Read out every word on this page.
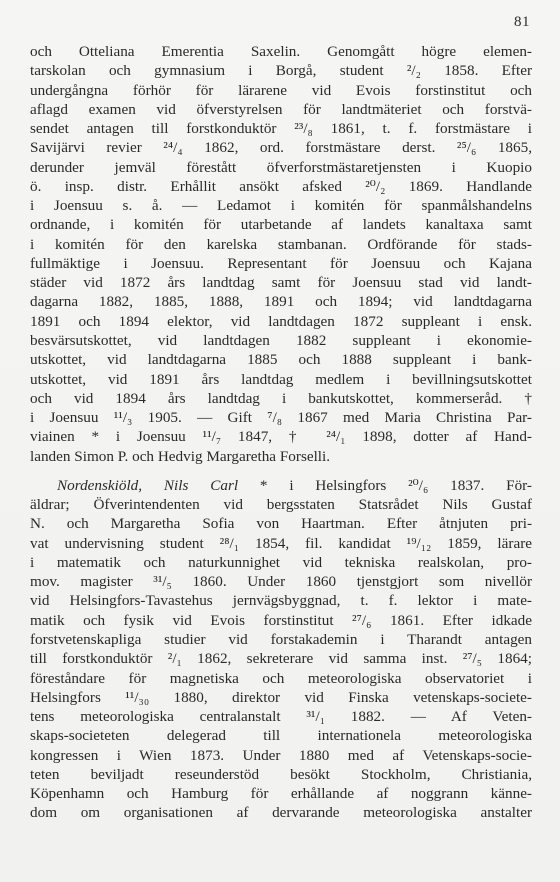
81
och Otteliana Emerentia Saxelin. Genomgått högre elemen-
tarskolan och gymnasium i Borgå, student ²/₂ 1858. Efter
undergångna förhör för lärarene vid Evois forstinstitut och
aflagd examen vid öfverstyrelsen för landtmäteriet och forstvä-
sendet antagen till forstkonduktör ²³/₈ 1861, t. f. forstmästare i
Savijärvi revier ²⁴/₄ 1862, ord. forstmästare derst. ²⁵/₆ 1865,
derunder jemväl förestått öfverforstmästaretjensten i Kuopio
ö. insp. distr. Erhållit ansökt afsked ²⁰/₂ 1869. Handlande
i Joensuu s. å. — Ledamot i komitén för spanmålshandelns
ordnande, i komitén för utarbetande af landets kanaltaxa samt
i komitén för den karelska stambanan. Ordförande för stads-
fullmäktige i Joensuu. Representant för Joensuu och Kajana
städer vid 1872 års landtdag samt för Joensuu stad vid landt-
dagarna 1882, 1885, 1888, 1891 och 1894; vid landtdagarna
1891 och 1894 elektor, vid landtdagen 1872 suppleant i ensk.
besvärsutskottet, vid landtdagen 1882 suppleant i ekonomie-
utskottet, vid landtdagarna 1885 och 1888 suppleant i bank-
utskottet, vid 1891 års landtdag medlem i bevillningsutskottet
och vid 1894 års landtdag i bankutskottet, kommerseråd. †
i Joensuu ¹¹/₃ 1905. — Gift ⁷/₈ 1867 med Maria Christina Par-
viainen * i Joensuu ¹¹/₇ 1847, † ²⁴/₁ 1898, dotter af Hand-
landen Simon P. och Hedvig Margaretha Forselli.
Nordenskiöld, Nils Carl * i Helsingfors ²⁰/₆ 1837. För-
äldrar; Öfverintendenten vid bergsstaten Statsrådet Nils Gustaf
N. och Margaretha Sofia von Haartman. Efter åtnjuten pri-
vat undervisning student ²⁸/₁ 1854, fil. kandidat ¹⁹/₁₂ 1859, lärare
i matematik och naturkunnighet vid tekniska realskolan, pro-
mov. magister ³¹/₅ 1860. Under 1860 tjenstgjort som nivellör
vid Helsingfors-Tavastehus jernvägsbyggnad, t. f. lektor i mate-
matik och fysik vid Evois forstinstitut ²⁷/₆ 1861. Efter idkade
forstvetenskapliga studier vid forstakademin i Tharandt antagen
till forstkonduktör ²/₁ 1862, sekreterare vid samma inst. ²⁷/₅ 1864;
föreståndare för magnetiska och meteorologiska observatoriet i
Helsingfors ¹¹/₃₀ 1880, direktor vid Finska vetenskaps-societe-
tens meteorologiska centralanstalt ³¹/₁ 1882. — Af Veten-
skaps-societeten delegerad till internationela meteorologiska
kongressen i Wien 1873. Under 1880 med af Vetenskaps-socie-
teten beviljadt reseunderstöd besökt Stockholm, Christiania,
Köpenhamn och Hamburg för erhållande af noggrann känne-
dom om organisationen af dervarande meteorologiska anstalter
